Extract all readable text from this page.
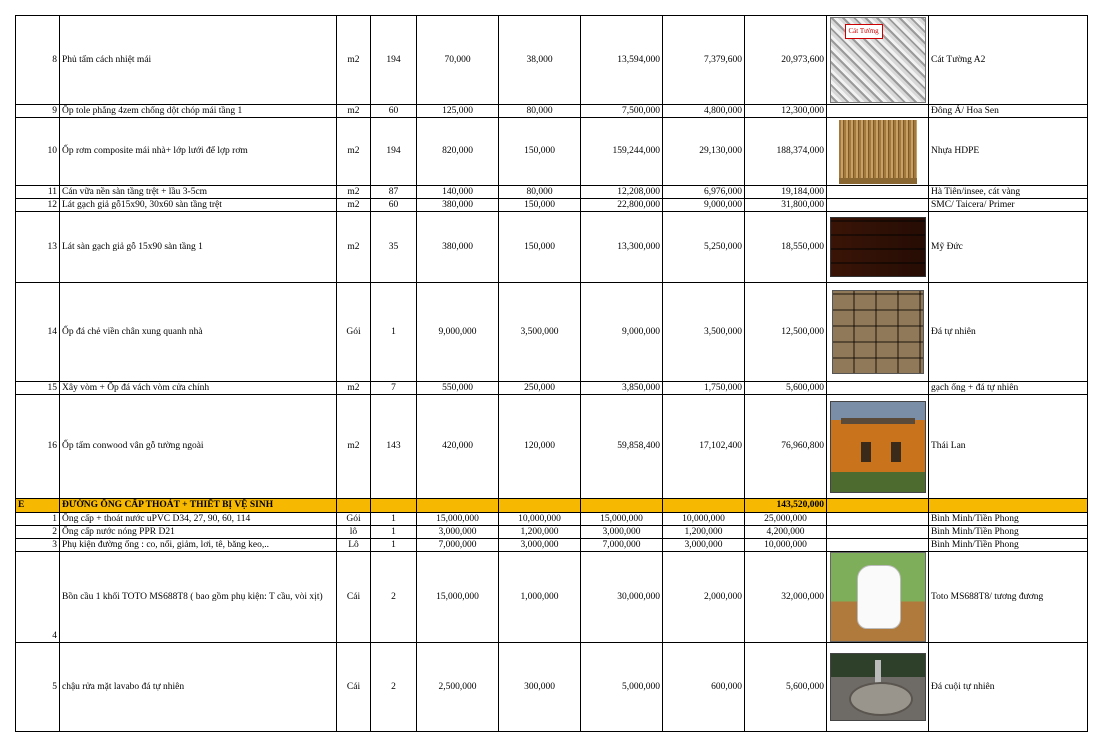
8	Phủ tấm cách nhiệt mái	m2	194	70,000	38,000	13,594,000	7,379,600	20,973,600	Cát Tường	Cát Tường A2
9	Ốp tole phẳng 4zem chống dột chóp mái tầng 1	m2	60	125,000	80,000	7,500,000	4,800,000	12,300,000		Đông Á/ Hoa Sen
10	Ốp rơm composite mái nhà+ lớp lưới để lợp rơm	m2	194	820,000	150,000	159,244,000	29,130,000	188,374,000		Nhựa HDPE
11	Cán vữa nền sàn tầng trệt + lầu 3-5cm	m2	87	140,000	80,000	12,208,000	6,976,000	19,184,000		Hà Tiên/insee, cát vàng
12	Lát gạch giả gỗ15x90, 30x60 sàn tầng trệt	m2	60	380,000	150,000	22,800,000	9,000,000	31,800,000		SMC/ Taicera/ Primer
13	Lát sàn gạch giả gỗ 15x90 sàn tầng 1	m2	35	380,000	150,000	13,300,000	5,250,000	18,550,000		Mỹ Đức
14	Ốp đá chẻ viền chân xung quanh nhà	Gói	1	9,000,000	3,500,000	9,000,000	3,500,000	12,500,000		Đá tự nhiên
15	Xây vòm + Ốp đá vách vòm cửa chính	m2	7	550,000	250,000	3,850,000	1,750,000	5,600,000		gạch ống + đá tự nhiên
16	Ốp tấm conwood vân gỗ tường ngoài	m2	143	420,000	120,000	59,858,400	17,102,400	76,960,800		Thái Lan
E	ĐƯỜNG ỐNG CẤP THOÁT + THIẾT BỊ VỆ SINH							143,520,000		
1	Ống cấp + thoát nước uPVC D34, 27, 90, 60, 114	Gói	1	15,000,000	10,000,000	15,000,000	10,000,000	25,000,000		Bình Minh/Tiền Phong
2	Ống cấp nước nóng PPR D21	lô	1	3,000,000	1,200,000	3,000,000	1,200,000	4,200,000		Bình Minh/Tiền Phong
3	Phụ kiện đường ống : co, nối, giảm, lơi, tê, băng keo,..	Lô	1	7,000,000	3,000,000	7,000,000	3,000,000	10,000,000		Bình Minh/Tiền Phong
4	Bồn cầu 1 khối TOTO MS688T8 ( bao gồm phụ kiện: T cầu, vòi xịt)	Cái	2	15,000,000	1,000,000	30,000,000	2,000,000	32,000,000		Toto MS688T8/ tương đương
5	chậu rửa mặt lavabo đá tự nhiên	Cái	2	2,500,000	300,000	5,000,000	600,000	5,600,000		Đá cuội tự nhiên
